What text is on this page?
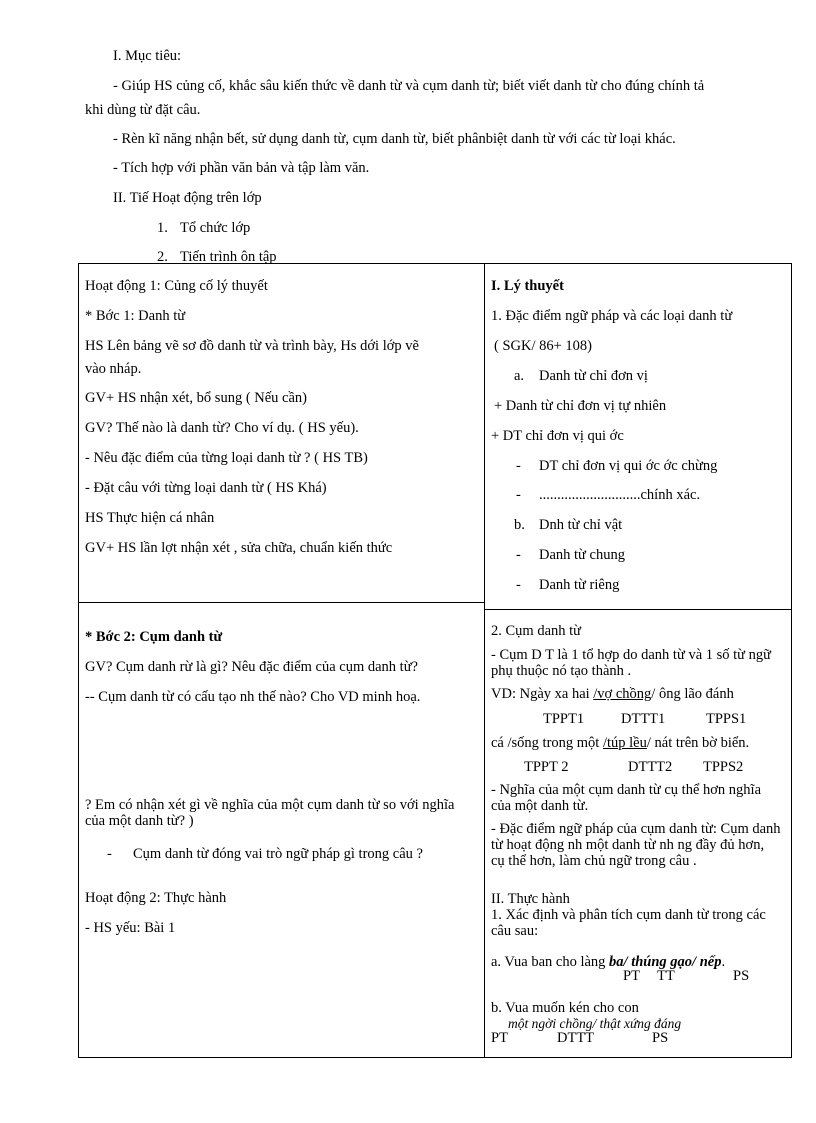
I. Mục tiêu:
- Giúp HS củng cố, khắc sâu kiến thức về danh từ và cụm danh từ; biết viết danh từ cho đúng chính tả
khi dùng từ đặt câu.
- Rèn kĩ năng nhận bết, sử dụng danh từ, cụm danh từ, biết phânbiệt danh từ với các từ loại khác.
- Tích hợp với phần văn bản và tập làm văn.
II. Tiế Hoạt động trên lớp
1. Tổ chức lớp
2. Tiến trình ôn tập
Hoạt động 1: Củng cố lý thuyết
* Bớc 1: Danh từ
HS Lên bảng vẽ sơ đồ danh từ và trình bày, Hs dới lớp vẽ
vào nháp.
GV+ HS nhận xét, bổ sung ( Nếu cần)
GV? Thế nào là danh từ? Cho ví dụ. ( HS yếu).
- Nêu đặc điểm của từng loại danh từ ? ( HS TB)
- Đặt câu với từng loại danh từ ( HS Khá)
HS Thực hiện cá nhân
GV+ HS lần lợt nhận xét , sửa chữa, chuẩn kiến thức
* Bớc 2: Cụm danh từ
GV? Cụm danh rừ là gì? Nêu đặc điểm của cụm danh từ?
-- Cụm danh từ có cấu tạo nh thế nào? Cho VD minh hoạ.
? Em có nhận xét gì về nghĩa của một cụm danh từ so với nghĩa của một danh từ? )
- Cụm danh từ đóng vai trò ngữ pháp gì trong câu ?
Hoạt động 2: Thực hành
- HS yếu: Bài 1
I. Lý thuyết
1. Đặc điểm ngữ pháp và các loại danh từ
( SGK/ 86+ 108)
a. Danh từ chỉ đơn vị
+ Danh từ chỉ đơn vị tự nhiên
+ DT chỉ đơn vị qui ớc
- DT chỉ đơn vị qui ớc ớc chừng
- ............................chính xác.
b. Dnh từ chỉ vật
- Danh từ chung
- Danh từ riêng
2. Cụm danh từ
- Cụm D T là 1 tổ hợp do danh từ và 1 số từ ngữ phụ thuộc nó tạo thành .
VD: Ngày xa hai /vợ chồng/ ông lão đánh
TPPT1	DTTT1	TPPS1
cá /sống trong một /túp lều/ nát trên bờ biển.
TPPT 2	DTTT2 TPPS2
- Nghĩa của một cụm danh từ cụ thể hơn nghĩa của một danh từ.
- Đặc điểm ngữ pháp của cụm danh từ: Cụm danh từ hoạt động nh một danh từ nh ng đầy đủ hơn, cụ thể hơn, làm chủ ngữ trong câu .
II. Thực hành
1. Xác định và phân tích cụm danh từ trong các câu sau:
a. Vua ban cho làng ba/ thúng gạo/ nếp.
PT TT	PS
b. Vua muốn kén cho con
một ngời chồng/ thật xứng đáng
PT	DTTT	PS
